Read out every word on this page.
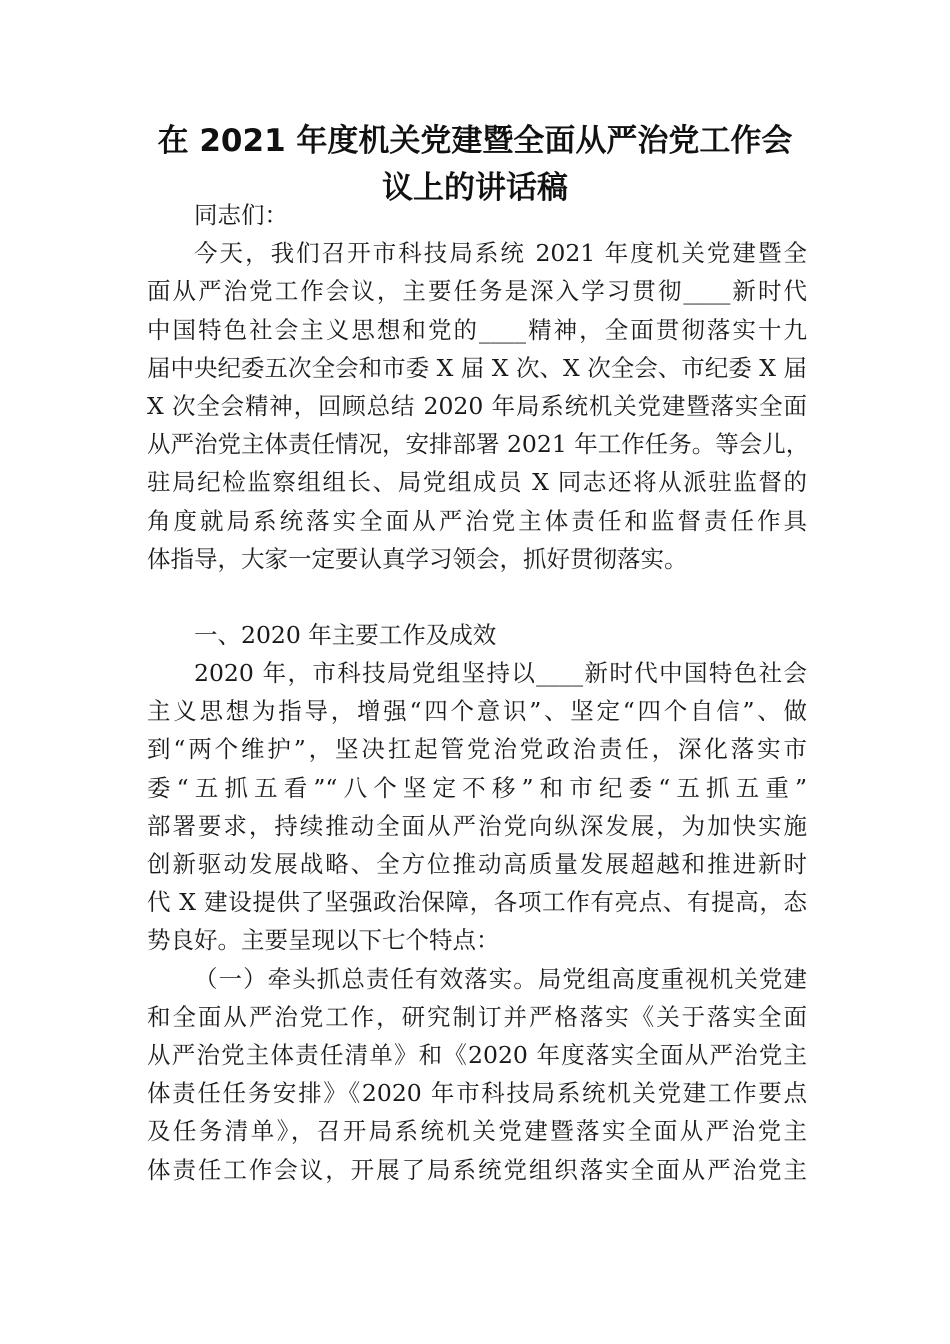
在 2021 年度机关党建暨全面从严治党工作会
议上的讲话稿

同志们：

今天，我们召开市科技局系统 2021 年度机关党建暨全

面从严治党工作会议，主要任务是深入学习贯彻____新时代

中国特色社会主义思想和党的____精神，全面贯彻落实十九

届中央纪委五次全会和市委 X 届 X 次、X 次全会、市纪委 X 届

X 次全会精神，回顾总结 2020 年局系统机关党建暨落实全面

从严治党主体责任情况，安排部署 2021 年工作任务。等会儿，

驻局纪检监察组组长、局党组成员 X 同志还将从派驻监督的

角度就局系统落实全面从严治党主体责任和监督责任作具

体指导，大家一定要认真学习领会，抓好贯彻落实。

一、2020 年主要工作及成效

2020 年，市科技局党组坚持以____新时代中国特色社会

主义思想为指导，增强“四个意识”、坚定“四个自信”、做

到“两个维护”，坚决扛起管党治党政治责任，深化落实市

委“五抓五看”“八个坚定不移”和市纪委“五抓五重”

部署要求，持续推动全面从严治党向纵深发展，为加快实施

创新驱动发展战略、全方位推动高质量发展超越和推进新时

代 X 建设提供了坚强政治保障，各项工作有亮点、有提高，态

势良好。主要呈现以下七个特点：

（一）牵头抓总责任有效落实。局党组高度重视机关党建

和全面从严治党工作，研究制订并严格落实《关于落实全面

从严治党主体责任清单》和《2020 年度落实全面从严治党主

体责任任务安排》《2020 年市科技局系统机关党建工作要点

及任务清单》，召开局系统机关党建暨落实全面从严治党主

体责任工作会议，开展了局系统党组织落实全面从严治党主
